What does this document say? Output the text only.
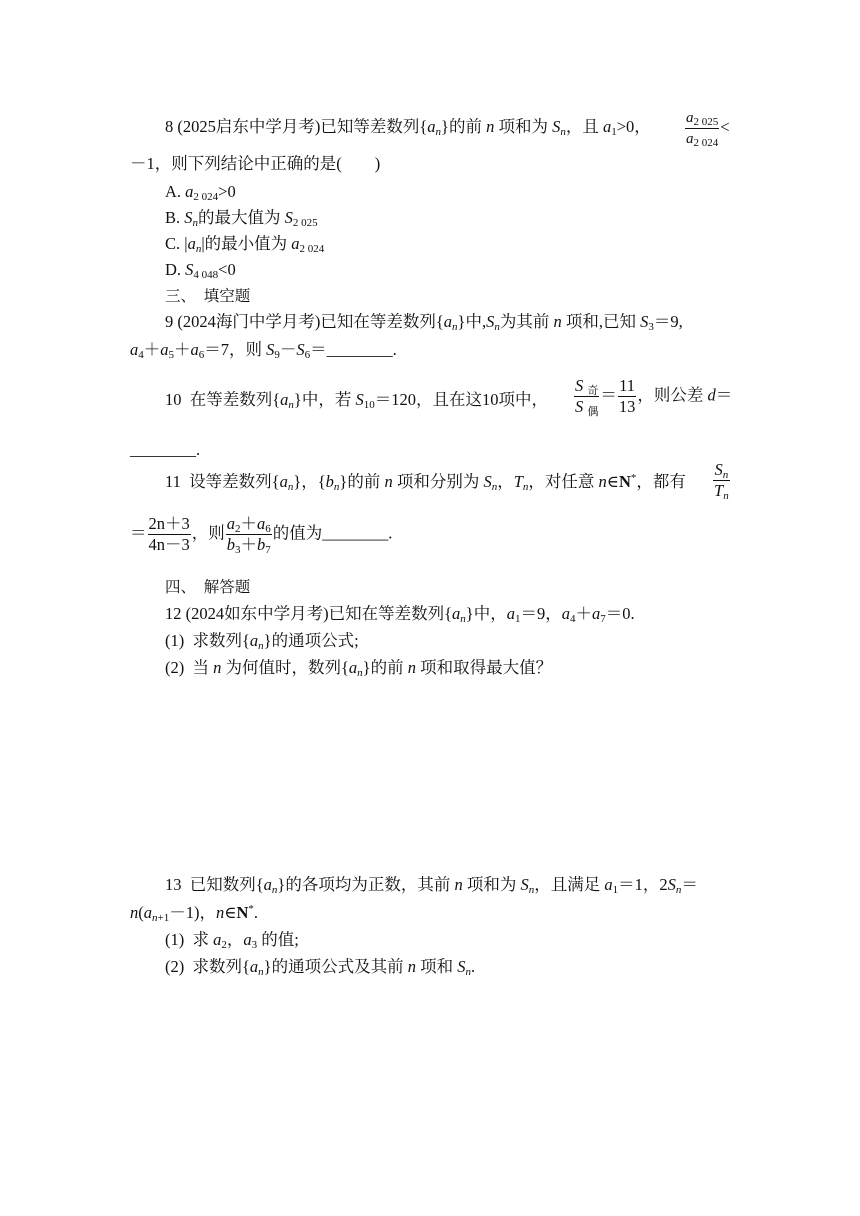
8 (2025启东中学月考)已知等差数列$\{a_n\}$的前 n 项和为 $S_n$，且 $a_1>0$， $\frac{a_{2 025}}{a_{2 024}}$ <
－1，则下列结论中正确的是(　　)
A. $a_{2 024}>0$
B. $S_n$的最大值为 $S_{2 025}$
C. $|a_n|$的最小值为 $a_{2 024}$
D. $S_{4 048}<0$
三、　填空题
9 (2024海门中学月考)已知在等差数列$\{a_n\}$中$,S_n$为其前 n 项和,已知 $S_3=9$,
$a_4+a_5+a_6=7$，则 $S_9-S_6=\_\_\_\_\_\_\_\_$.
10 在等差数列$\{a_n\}$中，若 $S_{10}=120$，且在这10项中， $\frac{S _奇}{S _偶} = \frac{11}{13}$ ，则公差 d＝
________.
11 设等差数列$\{a_n\}$，$\{b_n\}$的前 n 项和分别为 $S_n$，$T_n$，对任意 n∈N*，都有 $\frac{S_n}{T_n}$
＝ $\frac{2n+3}{4n-3}$ ，则 $\frac{a_2+a_6}{b_3+b_7}$ 的值为________.
四、　解答题
12 (2024如东中学月考)已知在等差数列$\{a_n\}$中，$a_1=9$，$a_4+a_7=0$.
(1)  求数列$\{a_n\}$的通项公式;
(2)  当 n 为何值时，数列$\{a_n\}$的前 n 项和取得最大值？
13 已知数列$\{a_n\}$的各项均为正数，其前 n 项和为 $S_n$，且满足 $a_1=1$，$2S_n=$
$n(a_{n+1}-1)$，n∈N*.
(1)  求 $a_2$，$a_3$ 的值;
(2)  求数列$\{a_n\}$的通项公式及其前 n 项和 $S_n$.
